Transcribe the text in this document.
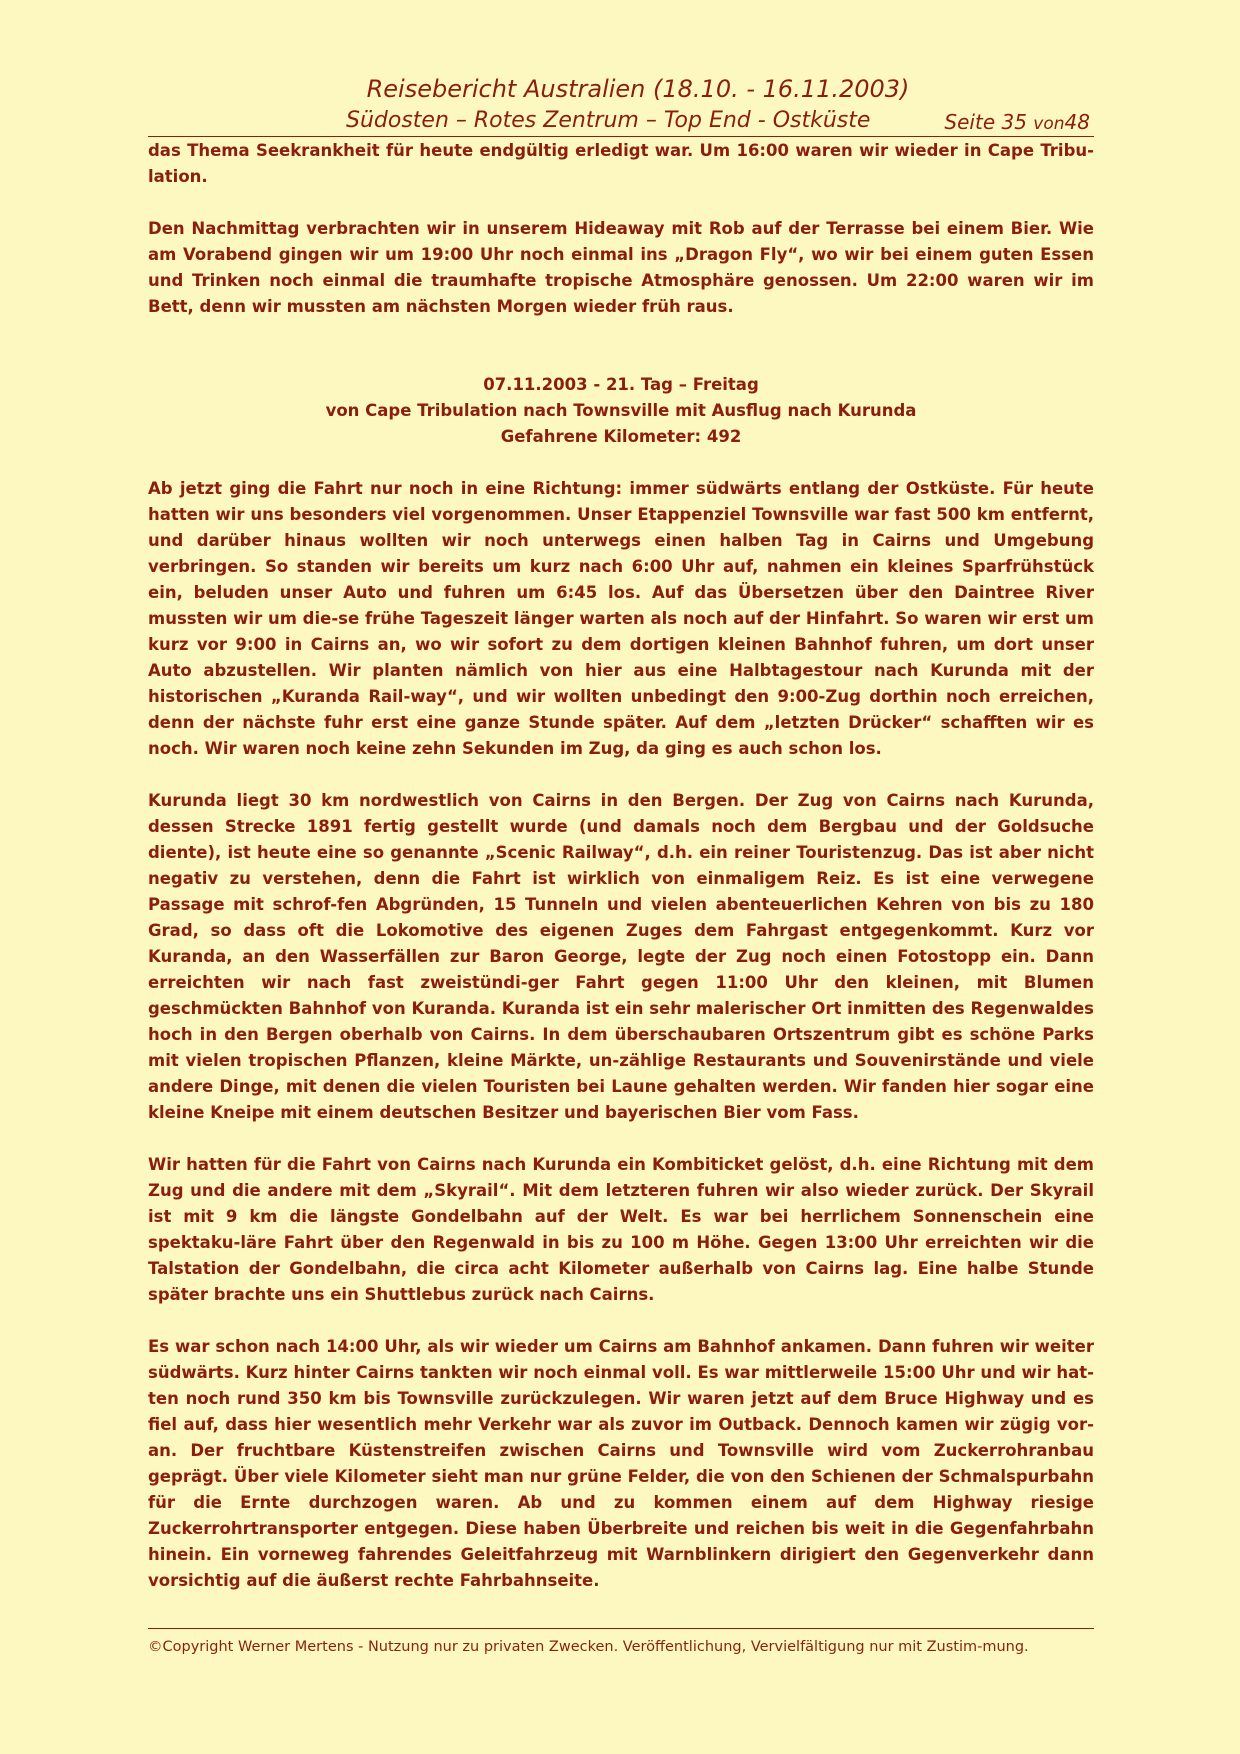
Reisebericht Australien (18.10. - 16.11.2003)
Südosten – Rotes Zentrum – Top End - Ostküste	Seite 35 von48

das Thema Seekrankheit für heute endgültig erledigt war. Um 16:00 waren wir wieder in Cape Tribu-lation.

Den Nachmittag verbrachten wir in unserem Hideaway mit Rob auf der Terrasse bei einem Bier. Wie am Vorabend gingen wir um 19:00 Uhr noch einmal ins „Dragon Fly“, wo wir bei einem guten Essen und Trinken noch einmal die traumhafte tropische Atmosphäre genossen. Um 22:00 waren wir im Bett, denn wir mussten am nächsten Morgen wieder früh raus.

07.11.2003 - 21. Tag – Freitag
von Cape Tribulation nach Townsville mit Ausflug nach Kurunda
Gefahrene Kilometer: 492

Ab jetzt ging die Fahrt nur noch in eine Richtung: immer südwärts entlang der Ostküste. Für heute hatten wir uns besonders viel vorgenommen. Unser Etappenziel Townsville war fast 500 km entfernt, und darüber hinaus wollten wir noch unterwegs einen halben Tag in Cairns und Umgebung verbringen. So standen wir bereits um kurz nach 6:00 Uhr auf, nahmen ein kleines Sparfrühstück ein, beluden unser Auto und fuhren um 6:45 los. Auf das Übersetzen über den Daintree River mussten wir um die-se frühe Tageszeit länger warten als noch auf der Hinfahrt. So waren wir erst um kurz vor 9:00 in Cairns an, wo wir sofort zu dem dortigen kleinen Bahnhof fuhren, um dort unser Auto abzustellen. Wir planten nämlich von hier aus eine Halbtagestour nach Kurunda mit der historischen „Kuranda Rail-way“, und wir wollten unbedingt den 9:00-Zug dorthin noch erreichen, denn der nächste fuhr erst eine ganze Stunde später. Auf dem „letzten Drücker“ schafften wir es noch. Wir waren noch keine zehn Sekunden im Zug, da ging es auch schon los.

Kurunda liegt 30 km nordwestlich von Cairns in den Bergen. Der Zug von Cairns nach Kurunda, dessen Strecke 1891 fertig gestellt wurde (und damals noch dem Bergbau und der Goldsuche diente), ist heute eine so genannte „Scenic Railway“, d.h. ein reiner Touristenzug. Das ist aber nicht negativ zu verstehen, denn die Fahrt ist wirklich von einmaligem Reiz. Es ist eine verwegene Passage mit schrof-fen Abgründen, 15 Tunneln und vielen abenteuerlichen Kehren von bis zu 180 Grad, so dass oft die Lokomotive des eigenen Zuges dem Fahrgast entgegenkommt. Kurz vor Kuranda, an den Wasserfällen zur Baron George, legte der Zug noch einen Fotostopp ein. Dann erreichten wir nach fast zweistündi-ger Fahrt gegen 11:00 Uhr den kleinen, mit Blumen geschmückten Bahnhof von Kuranda. Kuranda ist ein sehr malerischer Ort inmitten des Regenwaldes hoch in den Bergen oberhalb von Cairns. In dem überschaubaren Ortszentrum gibt es schöne Parks mit vielen tropischen Pflanzen, kleine Märkte, un-zählige Restaurants und Souvenirstände und viele andere Dinge, mit denen die vielen Touristen bei Laune gehalten werden. Wir fanden hier sogar eine kleine Kneipe mit einem deutschen Besitzer und bayerischen Bier vom Fass.

Wir hatten für die Fahrt von Cairns nach Kurunda ein Kombiticket gelöst, d.h. eine Richtung mit dem Zug und die andere mit dem „Skyrail“. Mit dem letzteren fuhren wir also wieder zurück. Der Skyrail ist mit 9 km die längste Gondelbahn auf der Welt. Es war bei herrlichem Sonnenschein eine spektaku-läre Fahrt über den Regenwald in bis zu 100 m Höhe. Gegen 13:00 Uhr erreichten wir die Talstation der Gondelbahn, die circa acht Kilometer außerhalb von Cairns lag. Eine halbe Stunde später brachte uns ein Shuttlebus zurück nach Cairns.

Es war schon nach 14:00 Uhr, als wir wieder um Cairns am Bahnhof ankamen. Dann fuhren wir weiter südwärts. Kurz hinter Cairns tankten wir noch einmal voll. Es war mittlerweile 15:00 Uhr und wir hat-ten noch rund 350 km bis Townsville zurückzulegen. Wir waren jetzt auf dem Bruce Highway und es fiel auf, dass hier wesentlich mehr Verkehr war als zuvor im Outback. Dennoch kamen wir zügig vor-an. Der fruchtbare Küstenstreifen zwischen Cairns und Townsville wird vom Zuckerrohranbau geprägt. Über viele Kilometer sieht man nur grüne Felder, die von den Schienen der Schmalspurbahn für die Ernte durchzogen waren. Ab und zu kommen einem auf dem Highway riesige Zuckerrohrtransporter entgegen. Diese haben Überbreite und reichen bis weit in die Gegenfahrbahn hinein. Ein vorneweg fahrendes Geleitfahrzeug mit Warnblinkern dirigiert den Gegenverkehr dann vorsichtig auf die äußerst rechte Fahrbahnseite.

©Copyright Werner Mertens - Nutzung nur zu privaten Zwecken. Veröffentlichung, Vervielfältigung nur mit Zustim-mung.
